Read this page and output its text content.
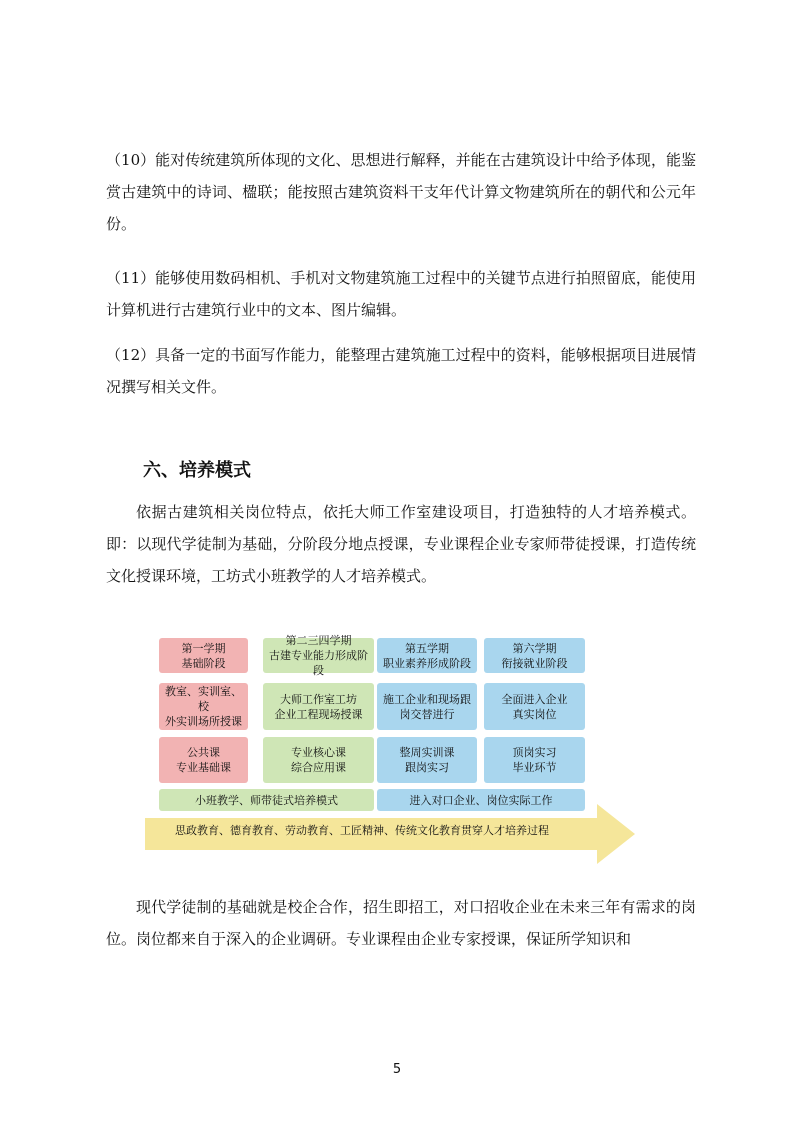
（10）能对传统建筑所体现的文化、思想进行解释，并能在古建筑设计中给予体现，能鉴赏古建筑中的诗词、楹联；能按照古建筑资料干支年代计算文物建筑所在的朝代和公元年份。

（11）能够使用数码相机、手机对文物建筑施工过程中的关键节点进行拍照留底，能使用计算机进行古建筑行业中的文本、图片编辑。

（12）具备一定的书面写作能力，能整理古建筑施工过程中的资料，能够根据项目进展情况撰写相关文件。

六、培养模式

依据古建筑相关岗位特点，依托大师工作室建设项目，打造独特的人才培养模式。即：以现代学徒制为基础，分阶段分地点授课，专业课程企业专家师带徒授课，打造传统文化授课环境，工坊式小班教学的人才培养模式。

第一学期
基础阶段
第二三四学期
古建专业能力形成阶段
第五学期
职业素养形成阶段
第六学期
衔接就业阶段
教室、实训室、校
外实训场所授课
大师工作室工坊
企业工程现场授课
施工企业和现场跟
岗交替进行
全面进入企业
真实岗位
公共课
专业基础课
专业核心课
综合应用课
整周实训课
跟岗实习
顶岗实习
毕业环节
小班教学、师带徒式培养模式	进入对口企业、岗位实际工作
思政教育、德育教育、劳动教育、工匠精神、传统文化教育贯穿人才培养过程

现代学徒制的基础就是校企合作，招生即招工，对口招收企业在未来三年有需求的岗位。岗位都来自于深入的企业调研。专业课程由企业专家授课，保证所学知识和

5
